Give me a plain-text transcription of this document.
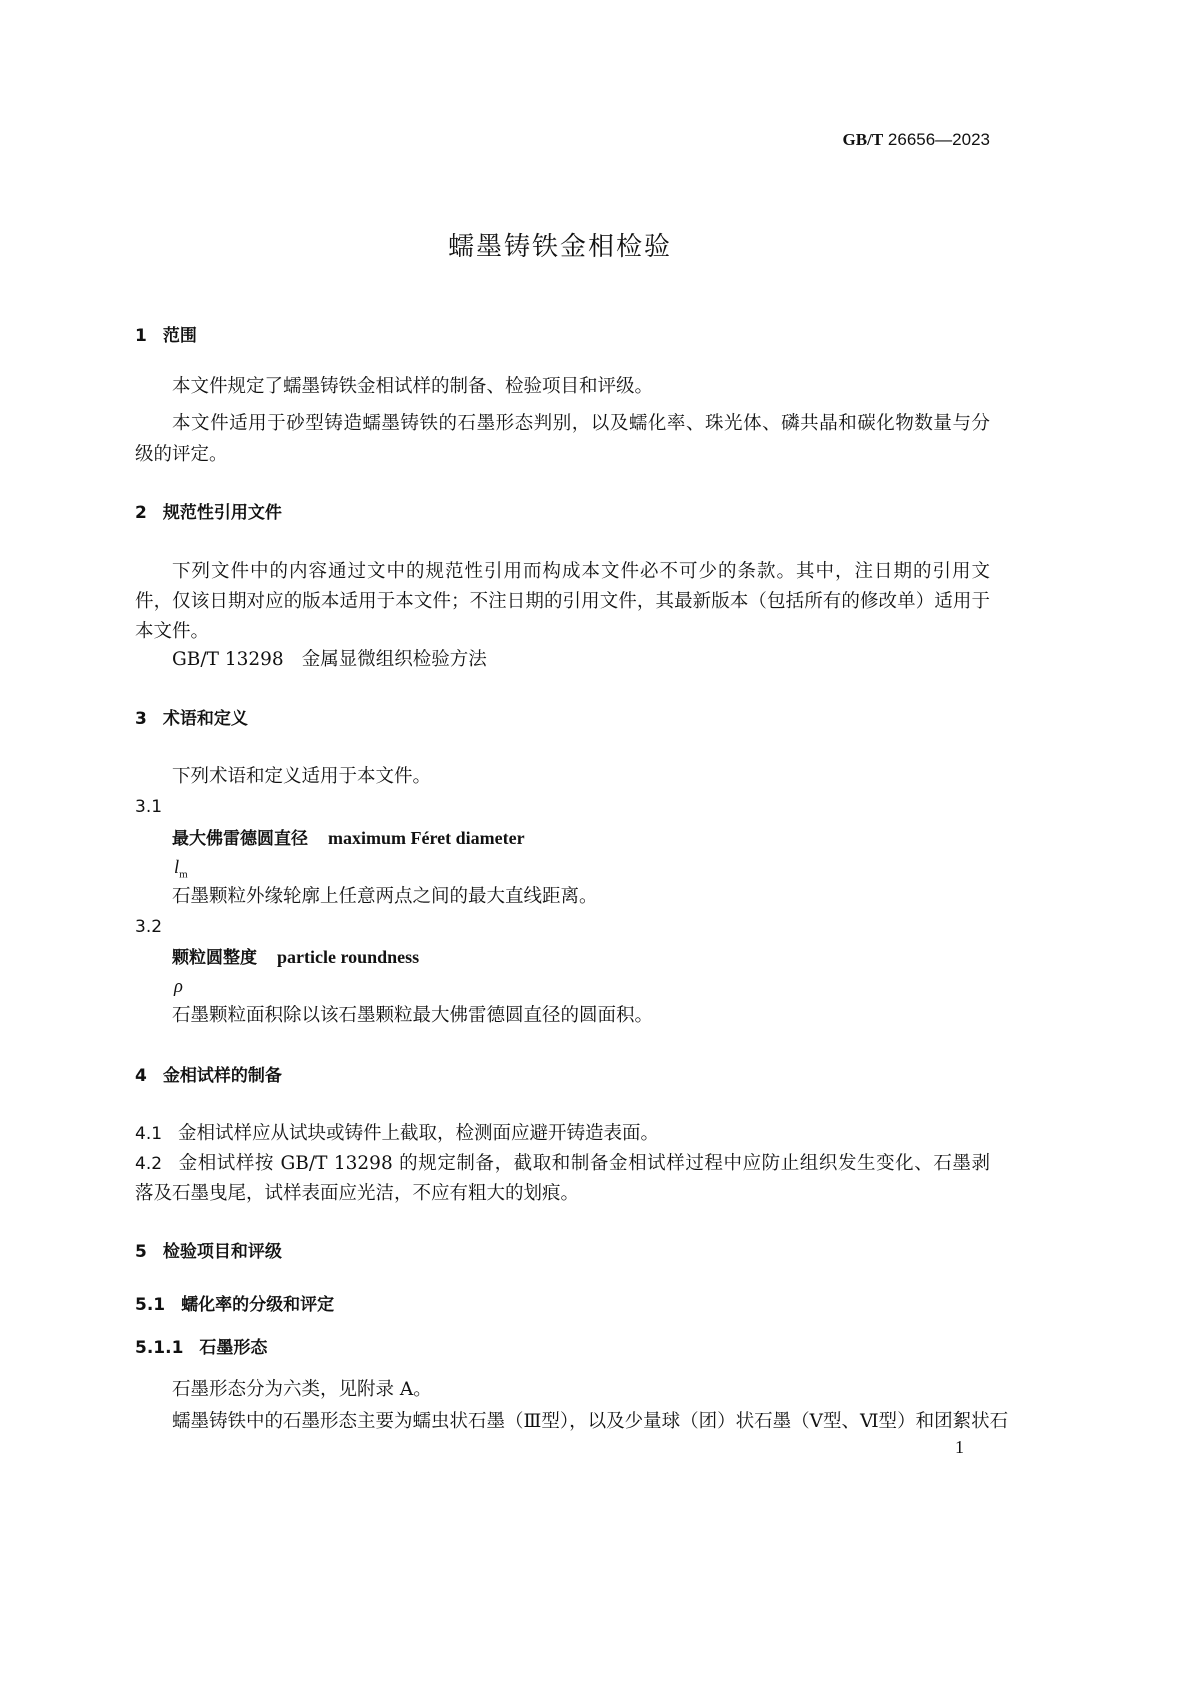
GB/T 26656—2023
蠕墨铸铁金相检验
1 范围
本文件规定了蠕墨铸铁金相试样的制备、检验项目和评级。
本文件适用于砂型铸造蠕墨铸铁的石墨形态判别，以及蠕化率、珠光体、磷共晶和碳化物数量与分
级的评定。
2 规范性引用文件
下列文件中的内容通过文中的规范性引用而构成本文件必不可少的条款。其中，注日期的引用文
件，仅该日期对应的版本适用于本文件；不注日期的引用文件，其最新版本（包括所有的修改单）适用于
本文件。
GB/T 13298 金属显微组织检验方法
3 术语和定义
下列术语和定义适用于本文件。
3.1
最大佛雷德圆直径 maximum Féret diameter
$l_m$
石墨颗粒外缘轮廓上任意两点之间的最大直线距离。
3.2
颗粒圆整度 particle roundness
ρ
石墨颗粒面积除以该石墨颗粒最大佛雷德圆直径的圆面积。
4 金相试样的制备
4.1 金相试样应从试块或铸件上截取，检测面应避开铸造表面。
4.2 金相试样按 GB/T 13298 的规定制备，截取和制备金相试样过程中应防止组织发生变化、石墨剥
落及石墨曳尾，试样表面应光洁，不应有粗大的划痕。
5 检验项目和评级
5.1 蠕化率的分级和评定
5.1.1 石墨形态
石墨形态分为六类，见附录 A。
蠕墨铸铁中的石墨形态主要为蠕虫状石墨（Ⅲ型），以及少量球（团）状石墨（Ⅴ型、Ⅵ型）和团絮状石
1
